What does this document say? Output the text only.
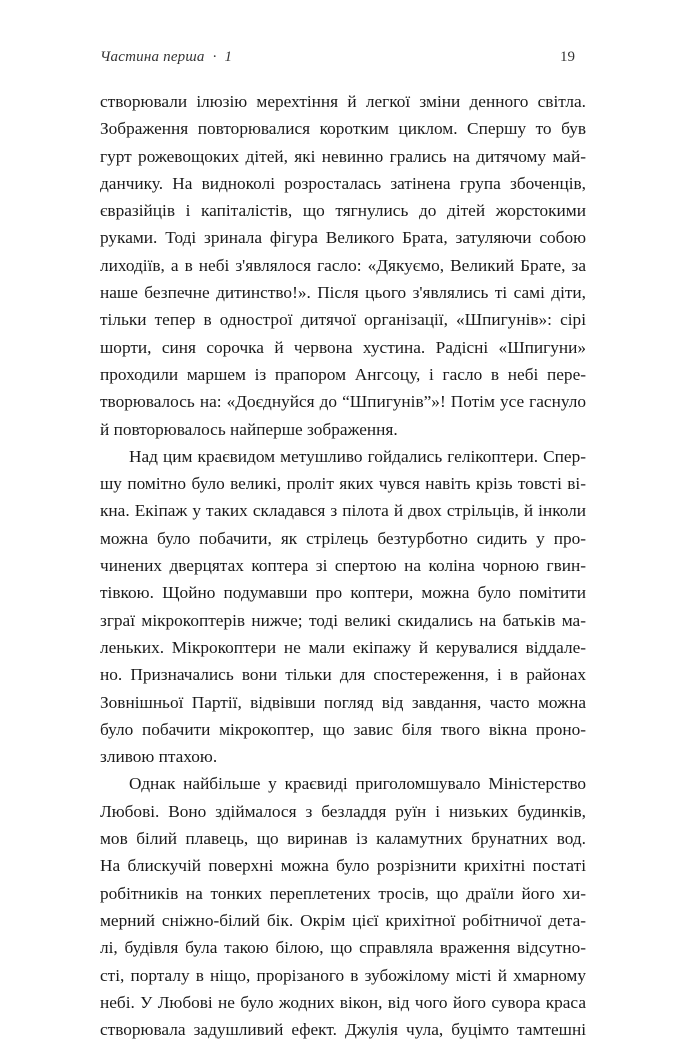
Частина перша · 1	19
створювали ілюзію мерехтіння й легкої зміни денного світла.
Зображення повторювалися коротким циклом. Спершу то був
гурт рожевощоких дітей, які невинно грались на дитячому май-
данчику. На видноколі розросталась затінена група збоченців,
євразійців і капіталістів, що тягнулись до дітей жорстокими
руками. Тоді зринала фігура Великого Брата, затуляючи собою
лиходіїв, а в небі з'являлося гасло: «Дякуємо, Великий Брате, за
наше безпечне дитинство!». Після цього з'являлись ті самі діти,
тільки тепер в однострої дитячої організації, «Шпигунів»: сірі
шорти, синя сорочка й червона хустина. Радісні «Шпигуни»
проходили маршем із прапором Ангсоцу, і гасло в небі пере-
творювалось на: «Доєднуйся до “Шпигунів”»! Потім усе гаснуло
й повторювалось найперше зображення.
Над цим краєвидом метушливо гойдались гелікоптери. Спер-
шу помітно було великі, проліт яких чувся навіть крізь товсті ві-
кна. Екіпаж у таких складався з пілота й двох стрільців, й інколи
можна було побачити, як стрілець безтурботно сидить у про-
чинених дверцятах коптера зі спертою на коліна чорною гвин-
тівкою. Щойно подумавши про коптери, можна було помітити
зграї мікрокоптерів нижче; тоді великі скидались на батьків ма-
леньких. Мікрокоптери не мали екіпажу й керувалися віддале-
но. Призначались вони тільки для спостереження, і в районах
Зовнішньої Партії, відвівши погляд від завдання, часто можна
було побачити мікрокоптер, що завис біля твого вікна проно-
зливою птахою.
Однак найбільше у краєвиді приголомшувало Міністерство
Любові. Воно здіймалося з безладдя руїн і низьких будинків,
мов білий плавець, що виринав із каламутних брунатних вод.
На блискучій поверхні можна було розрізнити крихітні постаті
робітників на тонких переплетених тросів, що драїли його хи-
мерний сніжно-білий бік. Окрім цієї крихітної робітничої дета-
лі, будівля була такою білою, що справляла враження відсутно-
сті, порталу в ніщо, прорізаного в зубожілому місті й хмарному
небі. У Любові не було жодних вікон, від чого його сувора краса
створювала задушливий ефект. Джулія чула, буцімто тамтешні
